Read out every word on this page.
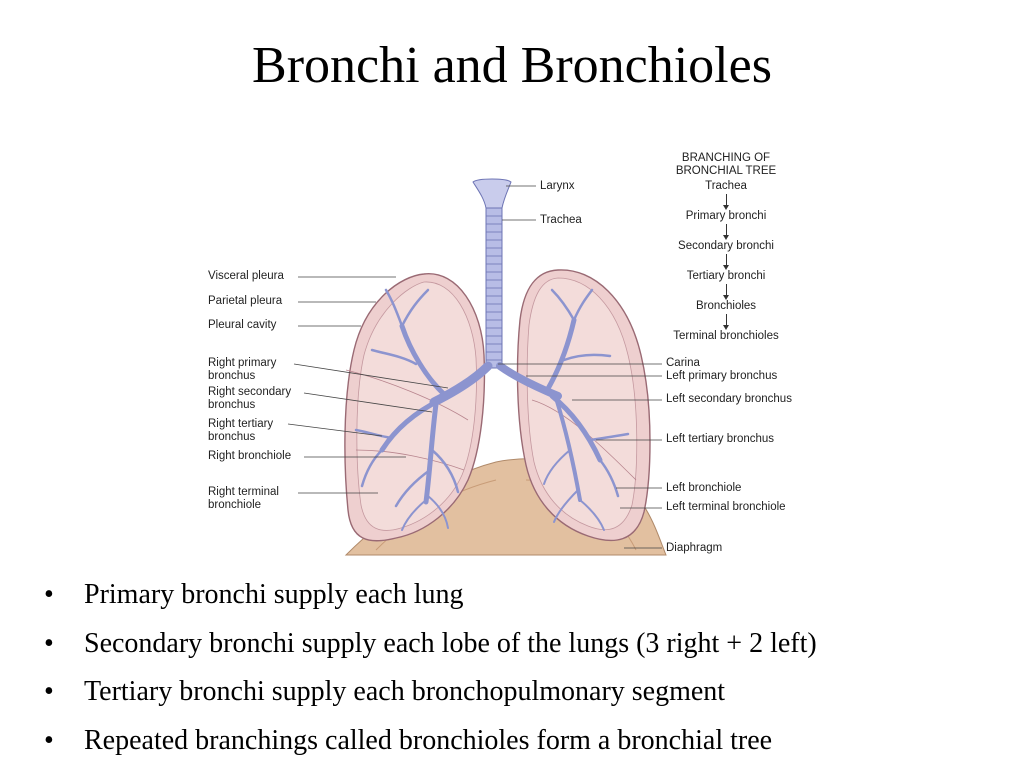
Bronchi and Bronchioles
Visceral pleura
Parietal pleura
Pleural cavity
Right primary bronchus
Right secondary bronchus
Right tertiary bronchus
Right bronchiole
Right terminal bronchiole
Larynx
Trachea
Carina
Left primary bronchus
Left secondary bronchus
Left tertiary bronchus
Left bronchiole
Left terminal bronchiole
Diaphragm
BRANCHING OF BRONCHIAL TREE
Trachea
Primary bronchi
Secondary bronchi
Tertiary bronchi
Bronchioles
Terminal bronchioles
• Primary bronchi supply each lung
• Secondary bronchi supply each lobe of the lungs (3 right + 2 left)
• Tertiary bronchi supply each bronchopulmonary segment
• Repeated branchings called bronchioles form a bronchial tree
